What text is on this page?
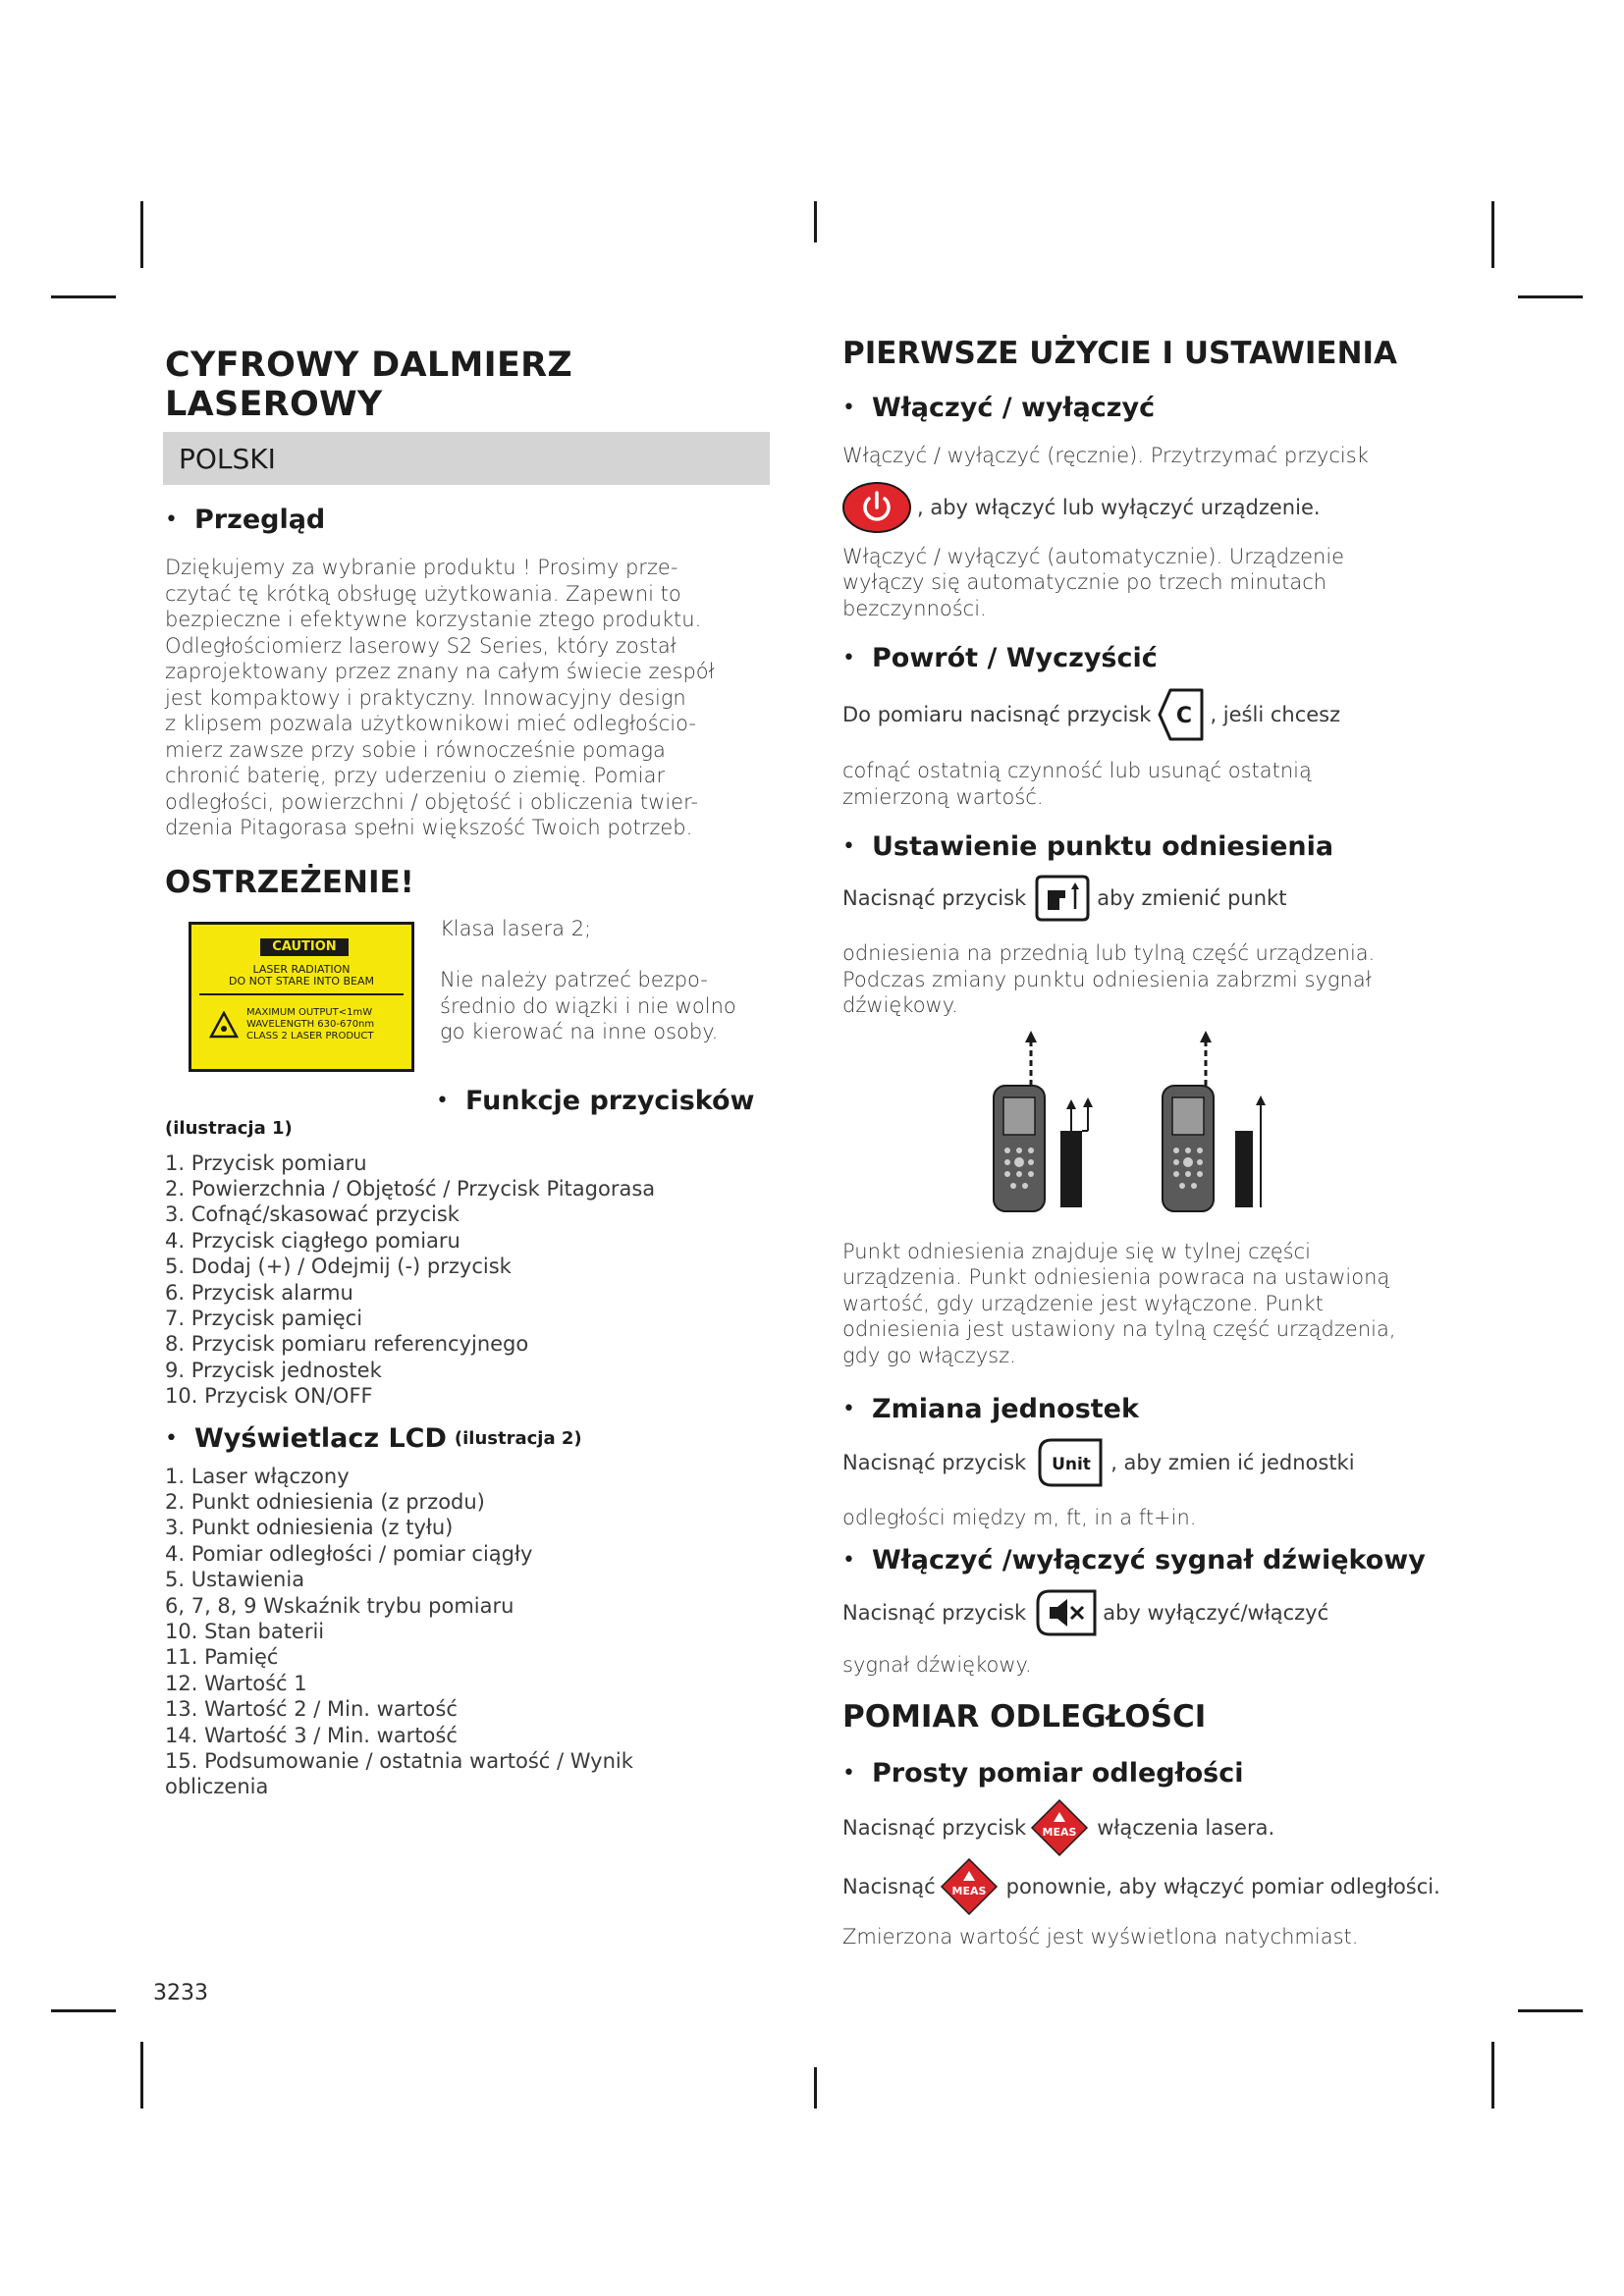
CYFROWY DALMIERZ LASEROWY
POLSKI
• Przegląd

Dziękujemy za wybranie produktu ! Prosimy prze-

czytać tę krótką obsługę użytkowania. Zapewni to

bezpieczne i efektywne korzystanie ztego produktu.

Odległościomierz laserowy S2 Series, który został

zaprojektowany przez znany na całym świecie zespół

jest kompaktowy i praktyczny. Innowacyjny design

z klipsem pozwala użytkownikowi mieć odległościo-

mierz zawsze przy sobie i równocześnie pomaga

chronić baterię, przy uderzeniu o ziemię. Pomiar

odległości, powierzchni / objętość i obliczenia twier-

dzenia Pitagorasa spełni większość Twoich potrzeb.

OSTRZEŻENIE!
CAUTION
LASER RADIATION
DO NOT STARE INTO BEAM
MAXIMUM OUTPUT<1mW
WAVELENGTH 630-670nm
CLASS 2 LASER PRODUCT

Klasa lasera 2;

Nie należy patrzeć bezpo-

średnio do wiązki i nie wolno

go kierować na inne osoby.

• Funkcje przycisków
(ilustracja 1)
1. Przycisk pomiaru
2. Powierzchnia / Objętość / Przycisk Pitagorasa
3. Cofnąć/skasować przycisk
4. Przycisk ciągłego pomiaru
5. Dodaj (+) / Odejmij (-) przycisk
6. Przycisk alarmu
7. Przycisk pamięci
8. Przycisk pomiaru referencyjnego
9. Przycisk jednostek
10. Przycisk ON/OFF
• Wyświetlacz LCD (ilustracja 2)
1. Laser włączony
2. Punkt odniesienia (z przodu)
3. Punkt odniesienia (z tyłu)
4. Pomiar odległości / pomiar ciągły
5. Ustawienia
6, 7, 8, 9 Wskaźnik trybu pomiaru
10. Stan baterii
11. Pamięć
12. Wartość 1
13. Wartość 2 / Min. wartość
14. Wartość 3 / Min. wartość
15. Podsumowanie / ostatnia wartość / Wynik
obliczenia
3233
PIERWSZE UŻYCIE I USTAWIENIA
• Włączyć / wyłączyć

Włączyć / wyłączyć (ręcznie). Przytrzymać przycisk

, aby włączyć lub wyłączyć urządzenie.

Włączyć / wyłączyć (automatycznie). Urządzenie

wyłączy się automatycznie po trzech minutach

bezczynności.

• Powrót / Wyczyścić
Do pomiaru nacisnąć przycisk C , jeśli chcesz

cofnąć ostatnią czynność lub usunąć ostatnią

zmierzoną wartość.

• Ustawienie punktu odniesienia
Nacisnąć przycisk	aby zmienić punkt

odniesienia na przednią lub tylną część urządzenia.

Podczas zmiany punktu odniesienia zabrzmi sygnał

dźwiękowy.

Punkt odniesienia znajduje się w tylnej części

urządzenia. Punkt odniesienia powraca na ustawioną

wartość, gdy urządzenie jest wyłączone. Punkt

odniesienia jest ustawiony na tylną część urządzenia,

gdy go włączysz.

• Zmiana jednostek
Nacisnąć przycisk Unit , aby zmien ić jednostki

odległości między m, ft, in a ft+in.

• Włączyć /wyłączyć sygnał dźwiękowy
Nacisnąć przycisk	aby wyłączyć/włączyć

sygnał dźwiękowy.

POMIAR ODLEGŁOŚCI
• Prosty pomiar odległości
Nacisnąć przycisk MEAS włączenia lasera.
Nacisnąć MEAS ponownie, aby włączyć pomiar odległości.

Zmierzona wartość jest wyświetlona natychmiast.
